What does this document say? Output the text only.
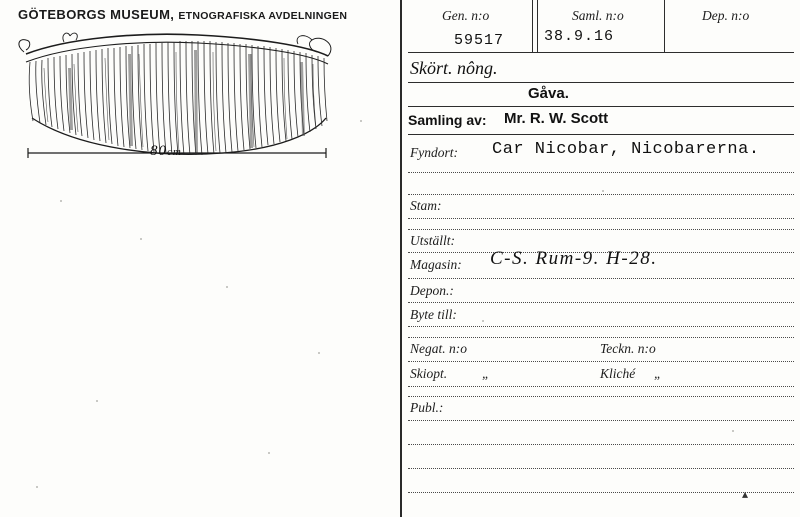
GÖTEBORGS MUSEUM, ETNOGRAFISKA AVDELNINGEN
80cm
Gen. n:o	Saml. n:o	Dep. n:o
59517	38.9.16
Skört. nông.
Gåva.
Samling av: Mr. R. W. Scott
Fyndort: Car Nicobar, Nicobarerna.
Stam:
Utställt:
Magasin: C-S. Rum-9. H-28.
Depon.:
Byte till:
Negat. n:o	Teckn. n:o
Skiopt.	„	Kliché „
Publ.:
▴
